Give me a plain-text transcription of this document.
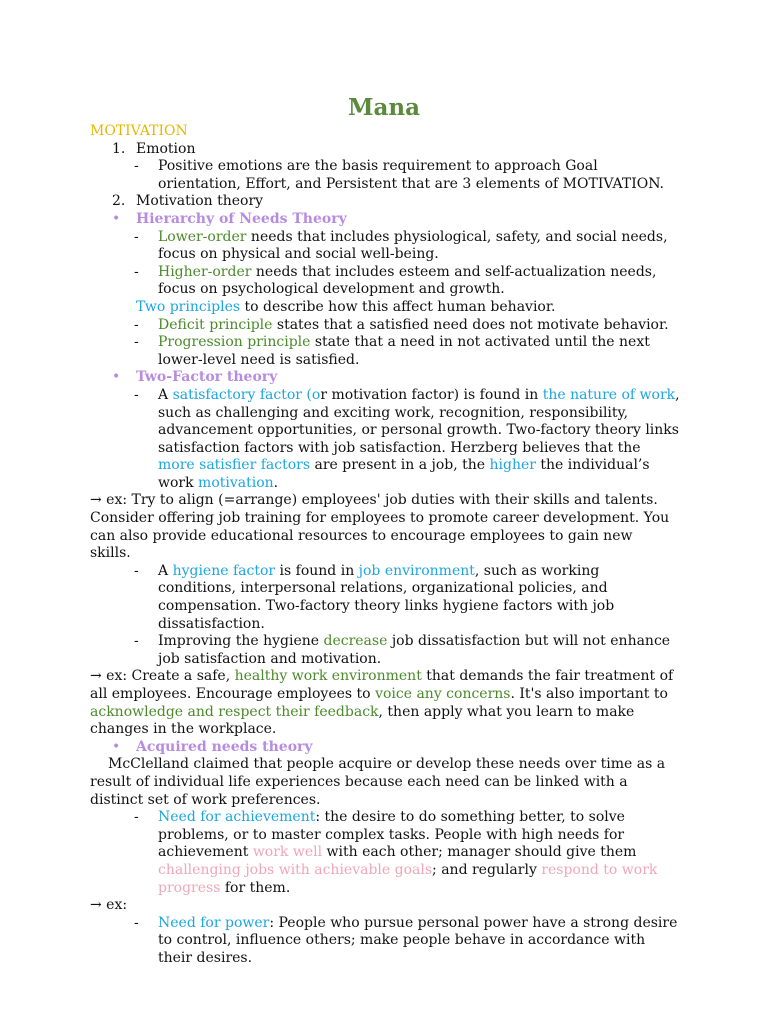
Mana

MOTIVATION

1. Emotion

- Positive emotions are the basis requirement to approach Goal orientation, Effort, and Persistent that are 3 elements of MOTIVATION.

2. Motivation theory

• Hierarchy of Needs Theory

- Lower-order needs that includes physiological, safety, and social needs, focus on physical and social well-being.

- Higher-order needs that includes esteem and self-actualization needs, focus on psychological development and growth.

Two principles to describe how this affect human behavior.

- Deficit principle states that a satisfied need does not motivate behavior.

- Progression principle state that a need in not activated until the next lower-level need is satisfied.

• Two-Factor theory

- A satisfactory factor (or motivation factor) is found in the nature of work, such as challenging and exciting work, recognition, responsibility, advancement opportunities, or personal growth. Two-factory theory links satisfaction factors with job satisfaction. Herzberg believes that the more satisfier factors are present in a job, the higher the individual’s work motivation.

→ ex: Try to align (=arrange) employees' job duties with their skills and talents. Consider offering job training for employees to promote career development. You can also provide educational resources to encourage employees to gain new skills.

- A hygiene factor is found in job environment, such as working conditions, interpersonal relations, organizational policies, and compensation. Two-factory theory links hygiene factors with job dissatisfaction.

- Improving the hygiene decrease job dissatisfaction but will not enhance job satisfaction and motivation.

→ ex: Create a safe, healthy work environment that demands the fair treatment of all employees. Encourage employees to voice any concerns. It's also important to acknowledge and respect their feedback, then apply what you learn to make changes in the workplace.

• Acquired needs theory

McClelland claimed that people acquire or develop these needs over time as a result of individual life experiences because each need can be linked with a distinct set of work preferences.

- Need for achievement: the desire to do something better, to solve problems, or to master complex tasks. People with high needs for achievement work well with each other; manager should give them challenging jobs with achievable goals; and regularly respond to work progress for them.

→ ex:

- Need for power: People who pursue personal power have a strong desire to control, influence others; make people behave in accordance with their desires.
